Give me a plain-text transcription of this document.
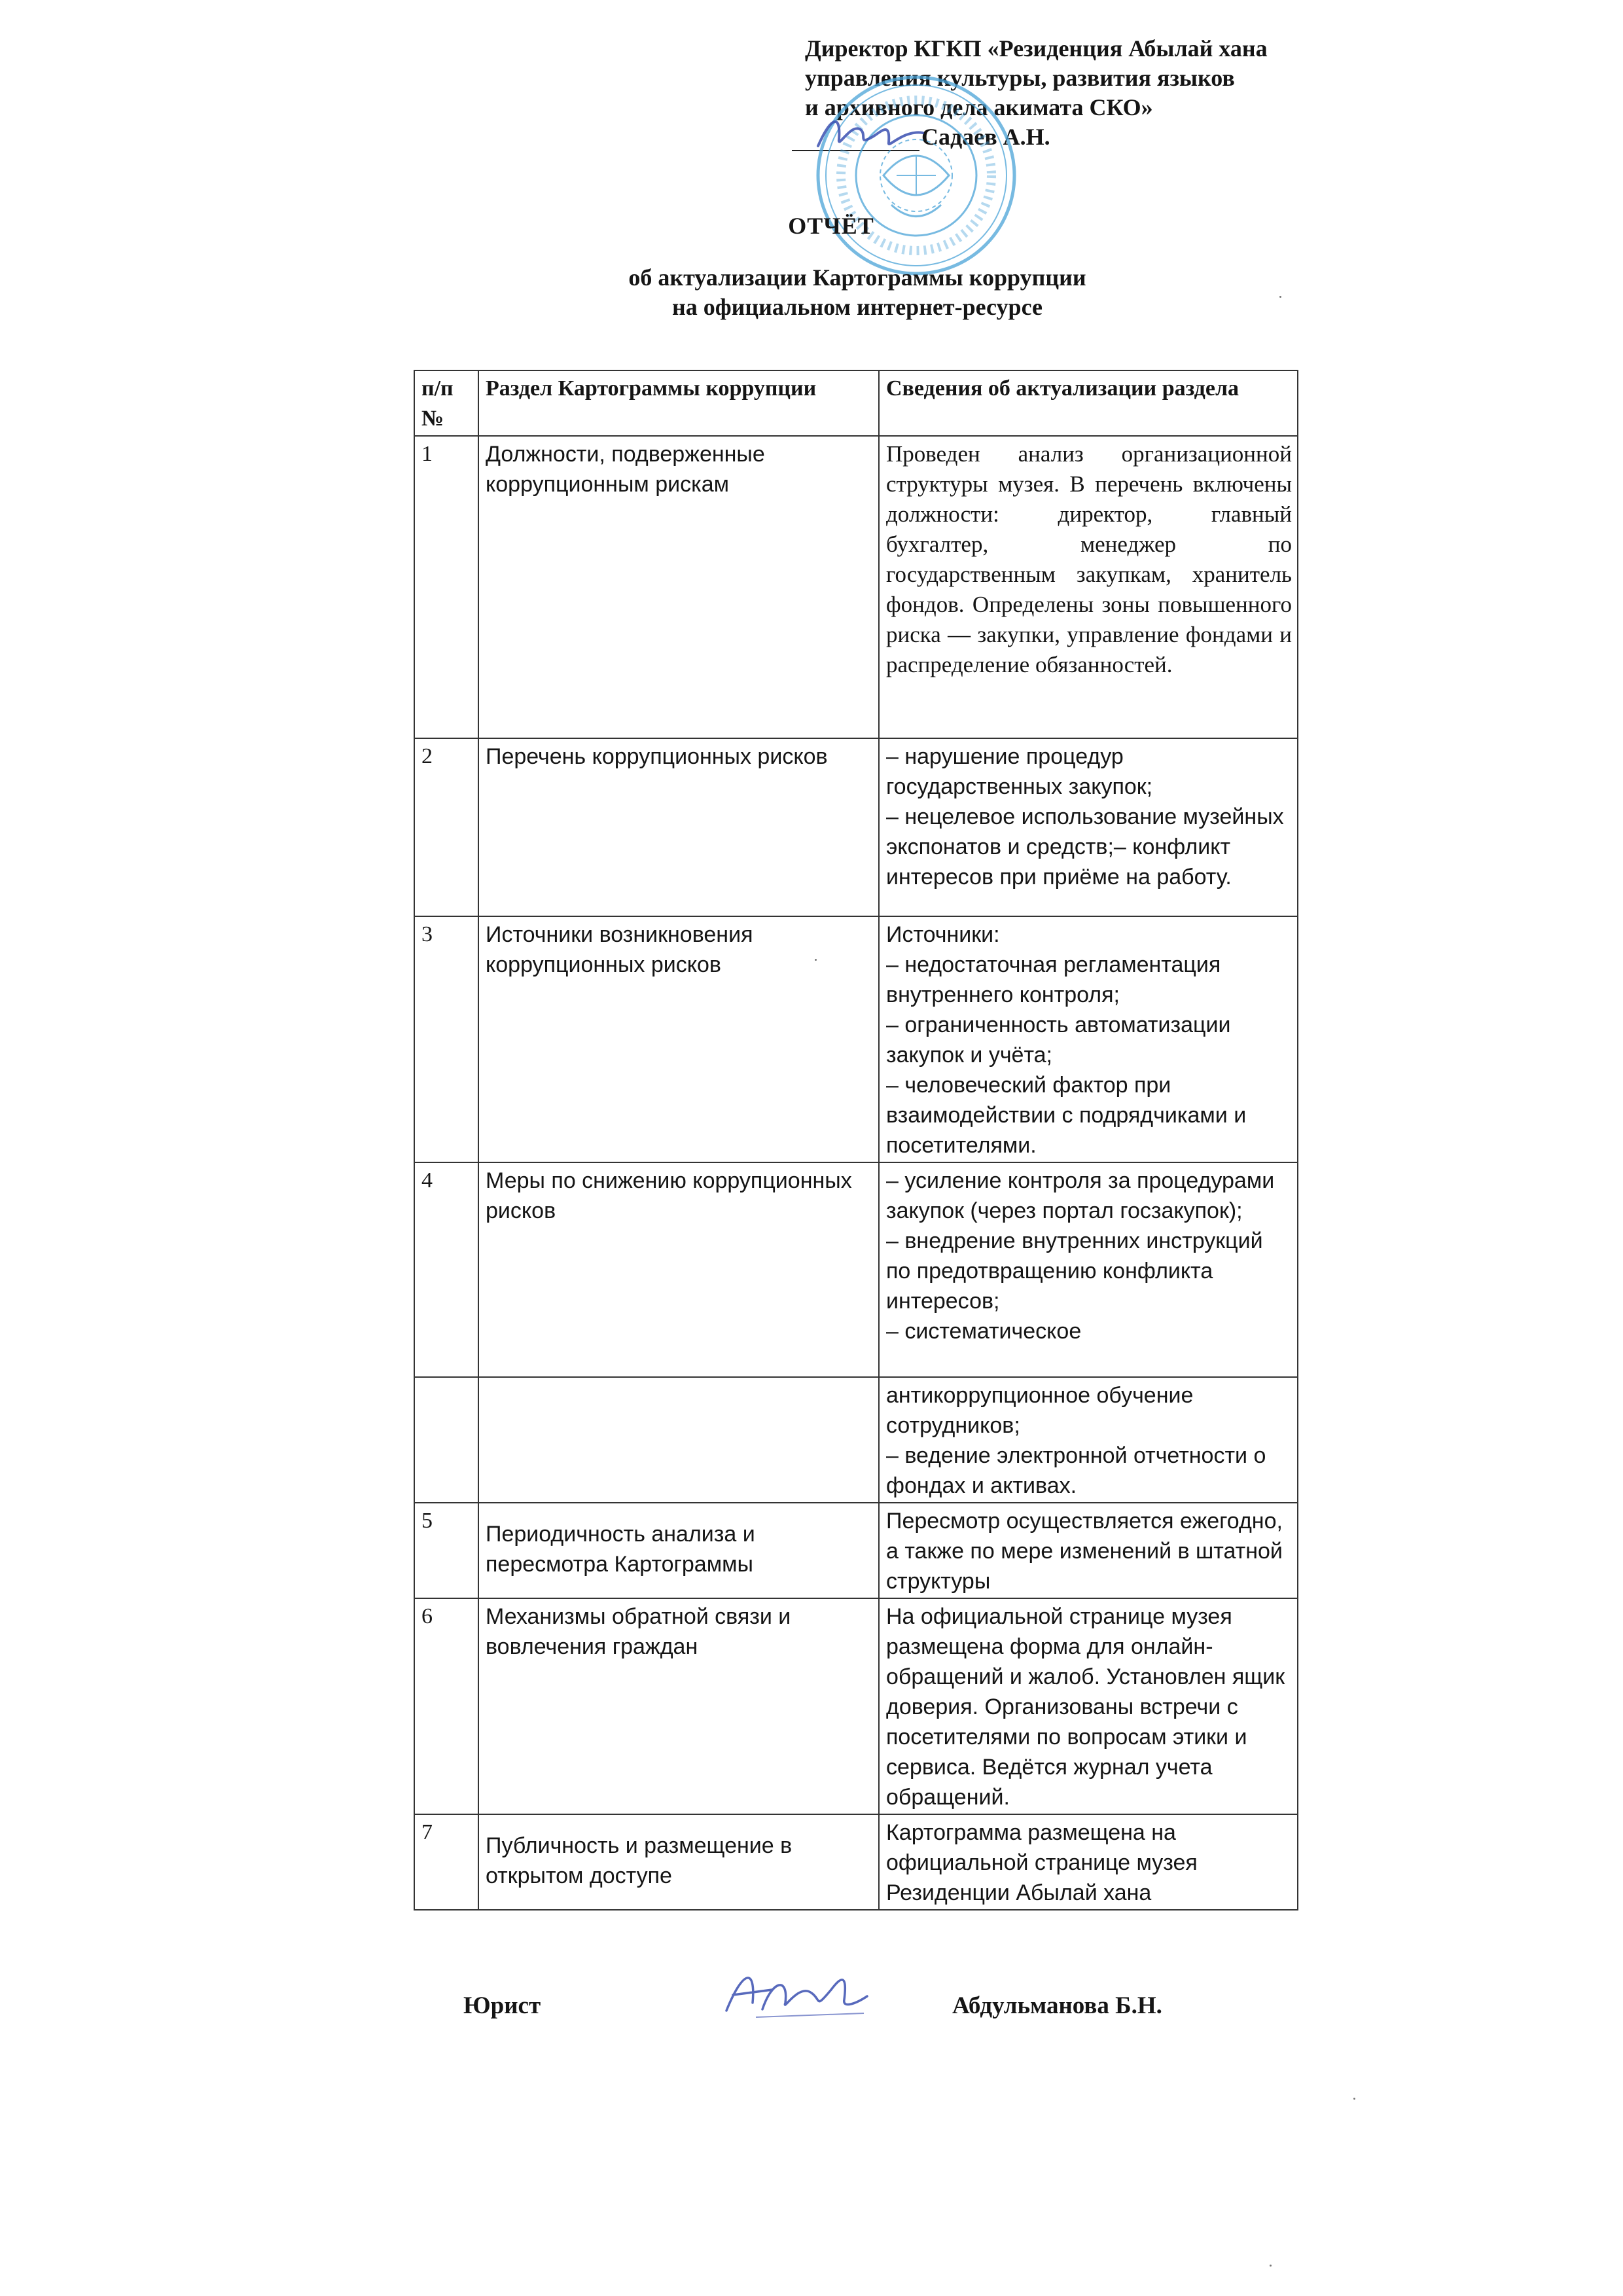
Директор КГКП «Резиденция Абылай хана
управления культуры, развития языков
и архивного дела акимата СКО»
Садаев А.Н.
ОТЧЁТ
об актуализации Картограммы коррупции
на официальном интернет-ресурсе
п/п №	Раздел Картограммы коррупции	Сведения об актуализации раздела
1	Должности, подверженные коррупционным рискам	Проведен анализ организационной структуры музея. В перечень включены должности: директор, главный бухгалтер, менеджер по государственным закупкам, хранитель фондов. Определены зоны повышенного риска — закупки, управление фондами и распределение обязанностей.
2	Перечень коррупционных рисков	– нарушение процедур государственных закупок;
– нецелевое использование музейных экспонатов и средств;– конфликт интересов при приёме на работу.

3	Источники возникновения коррупционных рисков	Источники:
– недостаточная регламентация внутреннего контроля;
– ограниченность автоматизации закупок и учёта;
– человеческий фактор при взаимодействии с подрядчиками и посетителями.

4	Меры по снижению коррупционных рисков	– усиление контроля за процедурами закупок (через портал госзакупок);
– внедрение внутренних инструкций по предотвращению конфликта интересов;
– систематическое

		антикоррупционное обучение сотрудников;
– ведение электронной отчетности о фондах и активах.

5	Периодичность анализа и пересмотра Картограммы	Пересмотр осуществляется ежегодно, а также по мере изменений в штатной структуры
6	Механизмы обратной связи и вовлечения граждан	На официальной странице музея размещена форма для онлайн-обращений и жалоб. Установлен ящик доверия. Организованы встречи с посетителями по вопросам этики и сервиса. Ведётся журнал учета обращений.
7	Публичность и размещение в открытом доступе	Картограмма размещена на официальной странице музея Резиденции Абылай хана
Юрист	Абдульманова Б.Н.
